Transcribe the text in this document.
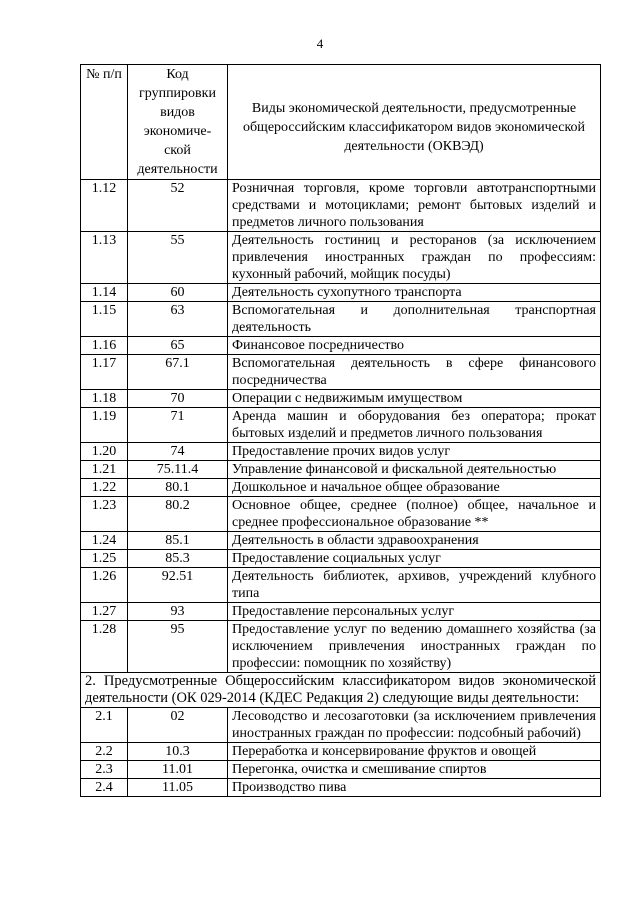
4
№ п/п	Код группировки видов экономиче-ской деятельности	Виды экономической деятельности, предусмотренные общероссийским классификатором видов экономической деятельности (ОКВЭД)
1.12	52	Розничная торговля, кроме торговли автотранспортными средствами и мотоциклами; ремонт бытовых изделий и предметов личного пользования
1.13	55	Деятельность гостиниц и ресторанов (за исключением привлечения иностранных граждан по профессиям: кухонный рабочий, мойщик посуды)
1.14	60	Деятельность сухопутного транспорта
1.15	63	Вспомогательная и дополнительная транспортная деятельность
1.16	65	Финансовое посредничество
1.17	67.1	Вспомогательная деятельность в сфере финансового посредничества
1.18	70	Операции с недвижимым имуществом
1.19	71	Аренда машин и оборудования без оператора; прокат бытовых изделий и предметов личного пользования
1.20	74	Предоставление прочих видов услуг
1.21	75.11.4	Управление финансовой и фискальной деятельностью
1.22	80.1	Дошкольное и начальное общее образование
1.23	80.2	Основное общее, среднее (полное) общее, начальное и среднее профессиональное образование **
1.24	85.1	Деятельность в области здравоохранения
1.25	85.3	Предоставление социальных услуг
1.26	92.51	Деятельность библиотек, архивов, учреждений клубного типа
1.27	93	Предоставление персональных услуг
1.28	95	Предоставление услуг по ведению домашнего хозяйства (за исключением привлечения иностранных граждан по профессии: помощник по хозяйству)
2. Предусмотренные Общероссийским классификатором видов экономической деятельности (ОК 029-2014 (КДЕС Редакция 2) следующие виды деятельности:		
2.1	02	Лесоводство и лесозаготовки (за исключением привлечения иностранных граждан по профессии: подсобный рабочий)
2.2	10.3	Переработка и консервирование фруктов и овощей
2.3	11.01	Перегонка, очистка и смешивание спиртов
2.4	11.05	Производство пива
